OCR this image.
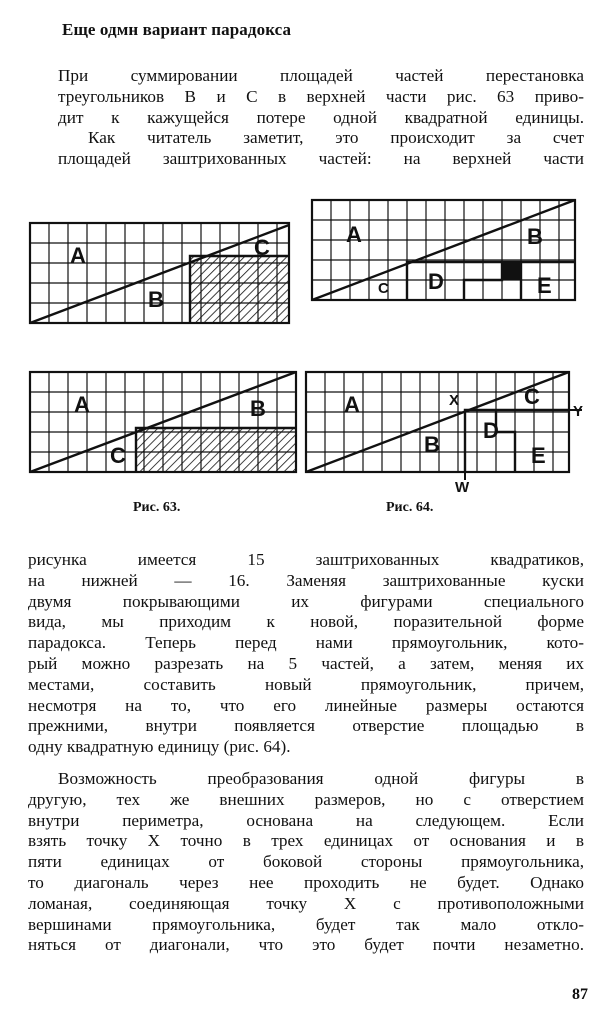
Еще одмн вариант парадокса

При суммировании площадей частей перестановка
треугольников B и C в верхней части рис. 63 приво-
дит к кажущейся потере одной квадратной единицы.
Как читатель заметит, это происходит за счет
площадей заштрихованных частей: на верхней части

A
B
C
A	B
C
A	B
C D	E
A
B
C
D
E
X
Y
W
Рис. 63.	Рис. 64.

рисунка имеется 15 заштрихованных квадратиков,
на нижней — 16. Заменяя заштрихованные куски
двумя покрывающими их фигурами специального
вида, мы приходим к новой, поразительной форме
парадокса. Теперь перед нами прямоугольник, кото-
рый можно разрезать на 5 частей, а затем, меняя их
местами, составить новый прямоугольник, причем,
несмотря на то, что его линейные размеры остаются
прежними, внутри появляется отверстие площадью в
одну квадратную единицу (рис. 64).

Возможность преобразования одной фигуры в
другую, тех же внешних размеров, но с отверстием
внутри периметра, основана на следующем. Если
взять точку X точно в трех единицах от основания и в
пяти единицах от боковой стороны прямоугольника,
то диагональ через нее проходить не будет. Однако
ломаная, соединяющая точку X с противоположными
вершинами прямоугольника, будет так мало откло-
няться от диагонали, что это будет почти незаметно.

87
